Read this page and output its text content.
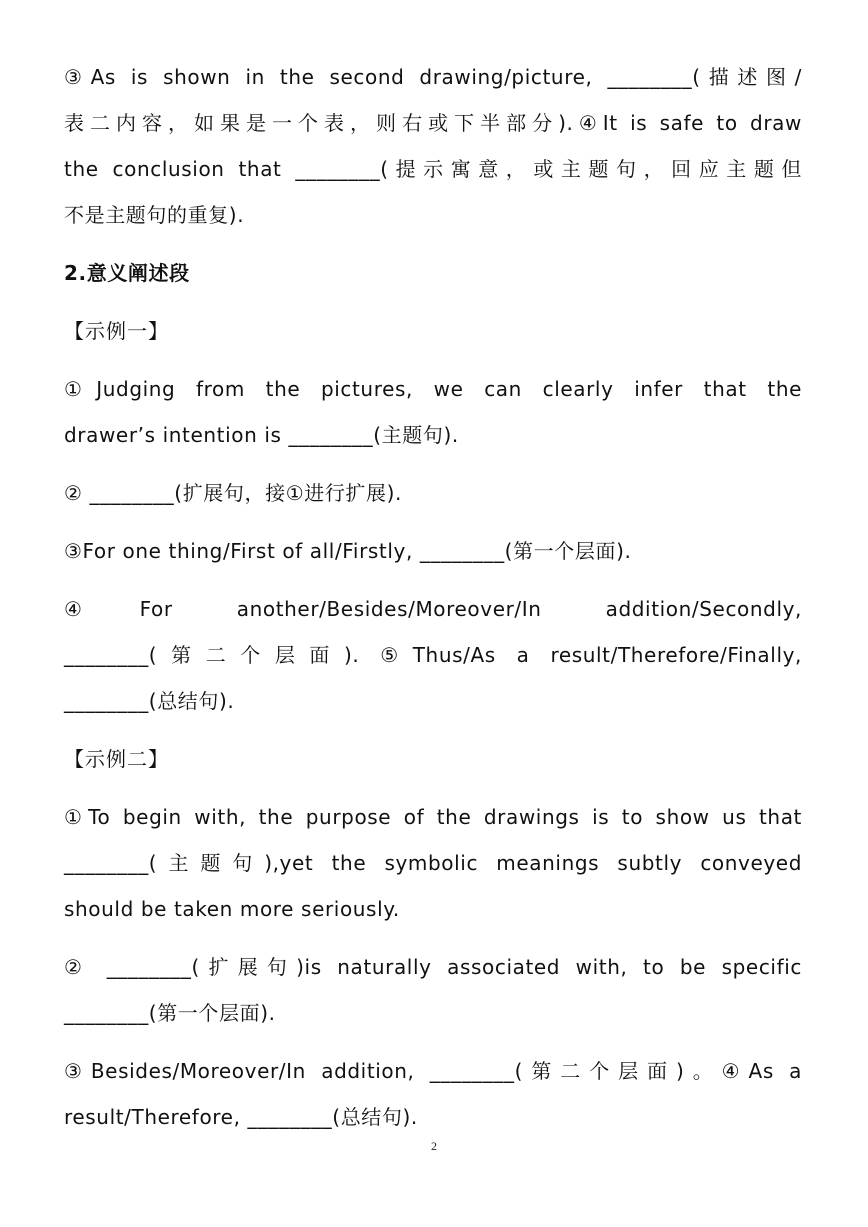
③As is shown in the second drawing/picture, ________(描述图/
表二内容，如果是一个表，则右或下半部分).④It is safe to draw
the conclusion that ________(提示寓意，或主题句，回应主题但
不是主题句的重复).

2.意义阐述段

【示例一】

①Judging from the pictures, we can clearly infer that the
drawer’s intention is ________(主题句).

② ________(扩展句，接①进行扩展).

③For one thing/First of all/Firstly, ________(第一个层面).

④For another/Besides/Moreover/In addition/Secondly,
________(第二个层面). ⑤Thus/As a result/Therefore/Finally,
________(总结句).

【示例二】

①To begin with, the purpose of the drawings is to show us that
________(主题句),yet the symbolic meanings subtly conveyed
should be taken more seriously.

② ________(扩展句)is naturally associated with, to be specific
________(第一个层面).

③Besides/Moreover/In addition, ________(第二个层面)。④As a
result/Therefore, ________(总结句).

2
